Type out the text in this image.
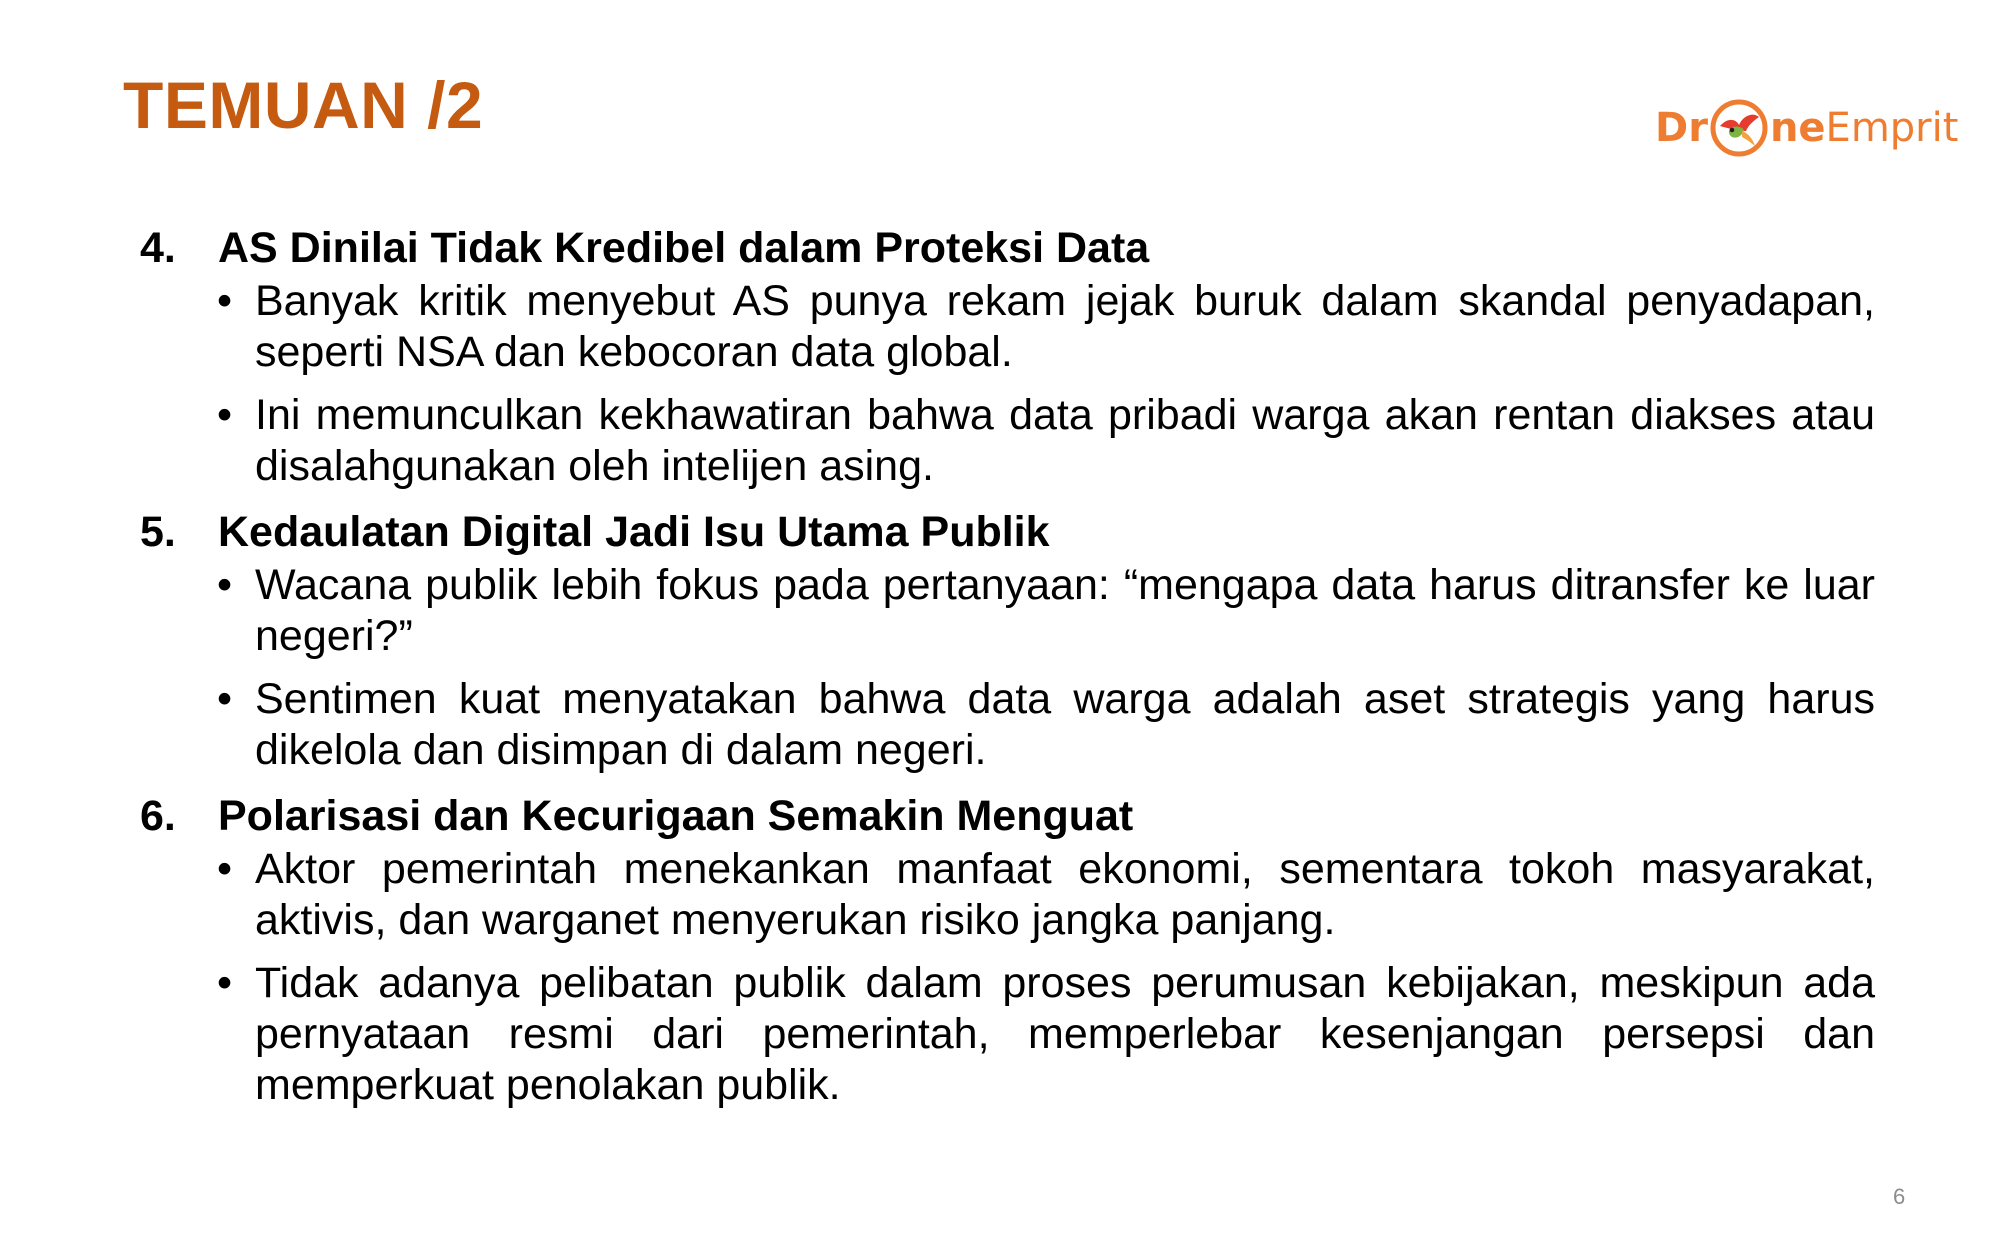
TEMUAN /2	Dr ne Emprit
4. AS Dinilai Tidak Kredibel dalam Proteksi Data
• Banyak kritik menyebut AS punya rekam jejak buruk dalam skandal penyadapan, seperti NSA dan kebocoran data global.
• Ini memunculkan kekhawatiran bahwa data pribadi warga akan rentan diakses atau disalahgunakan oleh intelijen asing.
5. Kedaulatan Digital Jadi Isu Utama Publik
• Wacana publik lebih fokus pada pertanyaan: “mengapa data harus ditransfer ke luar negeri?”
• Sentimen kuat menyatakan bahwa data warga adalah aset strategis yang harus dikelola dan disimpan di dalam negeri.
6. Polarisasi dan Kecurigaan Semakin Menguat
• Aktor pemerintah menekankan manfaat ekonomi, sementara tokoh masyarakat, aktivis, dan warganet menyerukan risiko jangka panjang.
• Tidak adanya pelibatan publik dalam proses perumusan kebijakan, meskipun ada pernyataan resmi dari pemerintah, memperlebar kesenjangan persepsi dan memperkuat penolakan publik.
6
